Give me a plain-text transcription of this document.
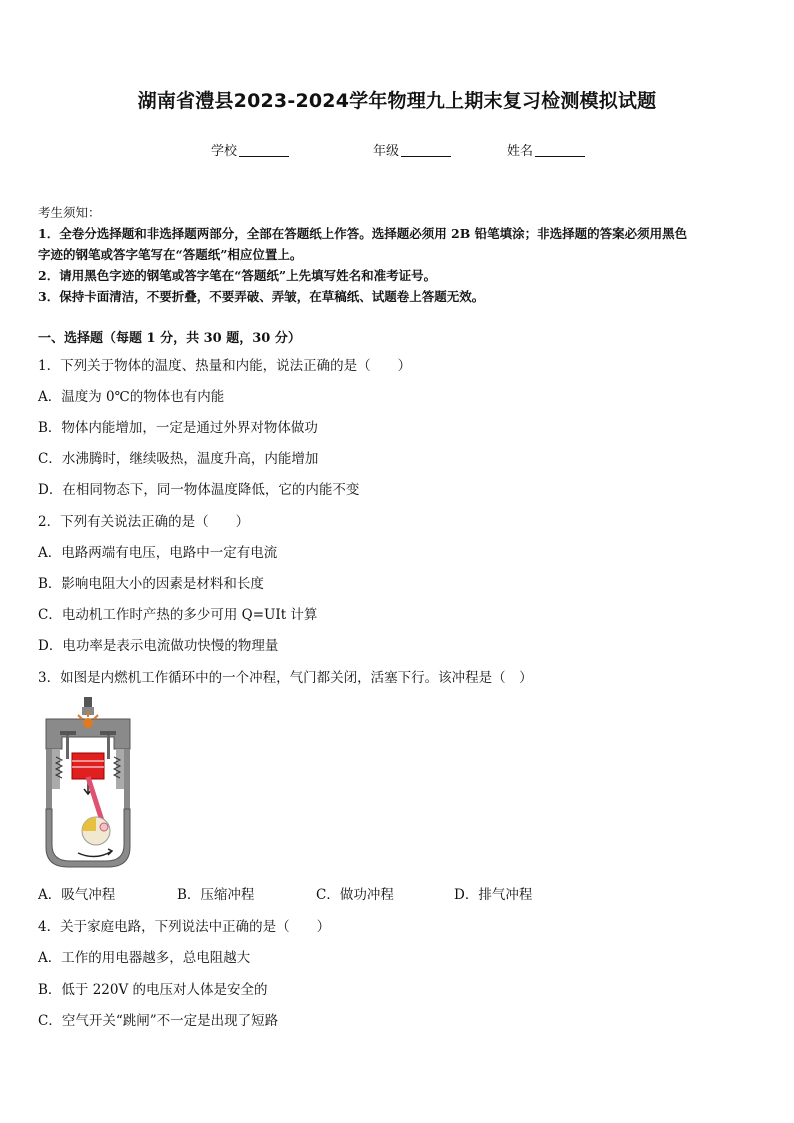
湖南省澧县2023-2024学年物理九上期末复习检测模拟试题
学校	年级	姓名
考生须知：
1．全卷分选择题和非选择题两部分，全部在答题纸上作答。选择题必须用 2B 铅笔填涂；非选择题的答案必须用黑色
字迹的钢笔或答字笔写在“答题纸”相应位置上。
2．请用黑色字迹的钢笔或答字笔在“答题纸”上先填写姓名和准考证号。
3．保持卡面清洁，不要折叠，不要弄破、弄皱，在草稿纸、试题卷上答题无效。
一、选择题（每题 1 分，共 30 题，30 分）
1．下列关于物体的温度、热量和内能，说法正确的是（　　）
A．温度为 0℃的物体也有内能
B．物体内能增加，一定是通过外界对物体做功
C．水沸腾时，继续吸热，温度升高，内能增加
D．在相同物态下，同一物体温度降低，它的内能不变
2．下列有关说法正确的是（　　）
A．电路两端有电压，电路中一定有电流
B．影响电阻大小的因素是材料和长度
C．电动机工作时产热的多少可用 Q=UIt 计算
D．电功率是表示电流做功快慢的物理量
3．如图是内燃机工作循环中的一个冲程，气门都关闭，活塞下行。该冲程是（　）
A．吸气冲程	B．压缩冲程	C．做功冲程	D．排气冲程
4．关于家庭电路，下列说法中正确的是（　　）
A．工作的用电器越多，总电阻越大
B．低于 220V 的电压对人体是安全的
C．空气开关“跳闸”不一定是出现了短路
